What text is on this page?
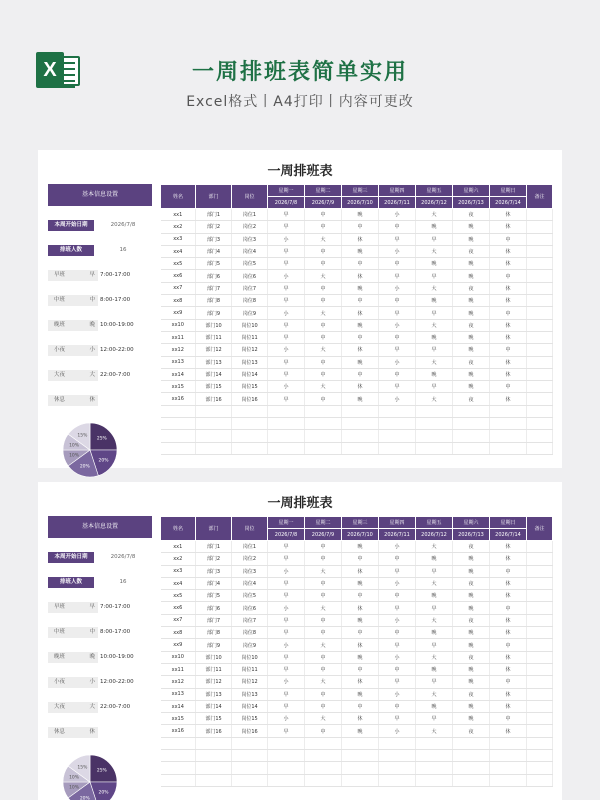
X	一周排班表简单实用
Excel格式丨A4打印丨内容可更改
一周排班表
基本信息设置
本周开始日期	2026/7/8
排班人数	16
早班	早 7:00-17:00
中班	中 8:00-17:00
晚班	晚 10:00-19:00
小夜	小 12:00-22:00
大夜	大 22:00-7:00
休息	休
25%
20%
20%
10%
10%
15%
姓名	部门	岗位	星期一	星期二	星期三	星期四	星期五	星期六	星期日	备注
			2026/7/8	2026/7/9	2026/7/10	2026/7/11	2026/7/12	2026/7/13	2026/7/14	
xx1	部门1	岗位1	早	中	晚	小	大	夜	休	
xx2	部门2	岗位2	早	中	中	中	晚	晚	休	
xx3	部门3	岗位3	小	大	休	早	早	晚	中	
xx4	部门4	岗位4	早	中	晚	小	大	夜	休	
xx5	部门5	岗位5	早	中	中	中	晚	晚	休	
xx6	部门6	岗位6	小	大	休	早	早	晚	中	
xx7	部门7	岗位7	早	中	晚	小	大	夜	休	
xx8	部门8	岗位8	早	中	中	中	晚	晚	休	
xx9	部门9	岗位9	小	大	休	早	早	晚	中	
xx10	部门10	岗位10	早	中	晚	小	大	夜	休	
xx11	部门11	岗位11	早	中	中	中	晚	晚	休	
xx12	部门12	岗位12	小	大	休	早	早	晚	中	
xx13	部门13	岗位13	早	中	晚	小	大	夜	休	
xx14	部门14	岗位14	早	中	中	中	晚	晚	休	
xx15	部门15	岗位15	小	大	休	早	早	晚	中	
xx16	部门16	岗位16	早	中	晚	小	大	夜	休	

一周排班表
基本信息设置
本周开始日期	2026/7/8
排班人数	16
早班	早 7:00-17:00
中班	中 8:00-17:00
晚班	晚 10:00-19:00
小夜	小 12:00-22:00
大夜	大 22:00-7:00
休息	休
25%
20%
20%
10%
10%
15%
姓名	部门	岗位	星期一	星期二	星期三	星期四	星期五	星期六	星期日	备注
			2026/7/8	2026/7/9	2026/7/10	2026/7/11	2026/7/12	2026/7/13	2026/7/14	
xx1	部门1	岗位1	早	中	晚	小	大	夜	休	
xx2	部门2	岗位2	早	中	中	中	晚	晚	休	
xx3	部门3	岗位3	小	大	休	早	早	晚	中	
xx4	部门4	岗位4	早	中	晚	小	大	夜	休	
xx5	部门5	岗位5	早	中	中	中	晚	晚	休	
xx6	部门6	岗位6	小	大	休	早	早	晚	中	
xx7	部门7	岗位7	早	中	晚	小	大	夜	休	
xx8	部门8	岗位8	早	中	中	中	晚	晚	休	
xx9	部门9	岗位9	小	大	休	早	早	晚	中	
xx10	部门10	岗位10	早	中	晚	小	大	夜	休	
xx11	部门11	岗位11	早	中	中	中	晚	晚	休	
xx12	部门12	岗位12	小	大	休	早	早	晚	中	
xx13	部门13	岗位13	早	中	晚	小	大	夜	休	
xx14	部门14	岗位14	早	中	中	中	晚	晚	休	
xx15	部门15	岗位15	小	大	休	早	早	晚	中	
xx16	部门16	岗位16	早	中	晚	小	大	夜	休	
